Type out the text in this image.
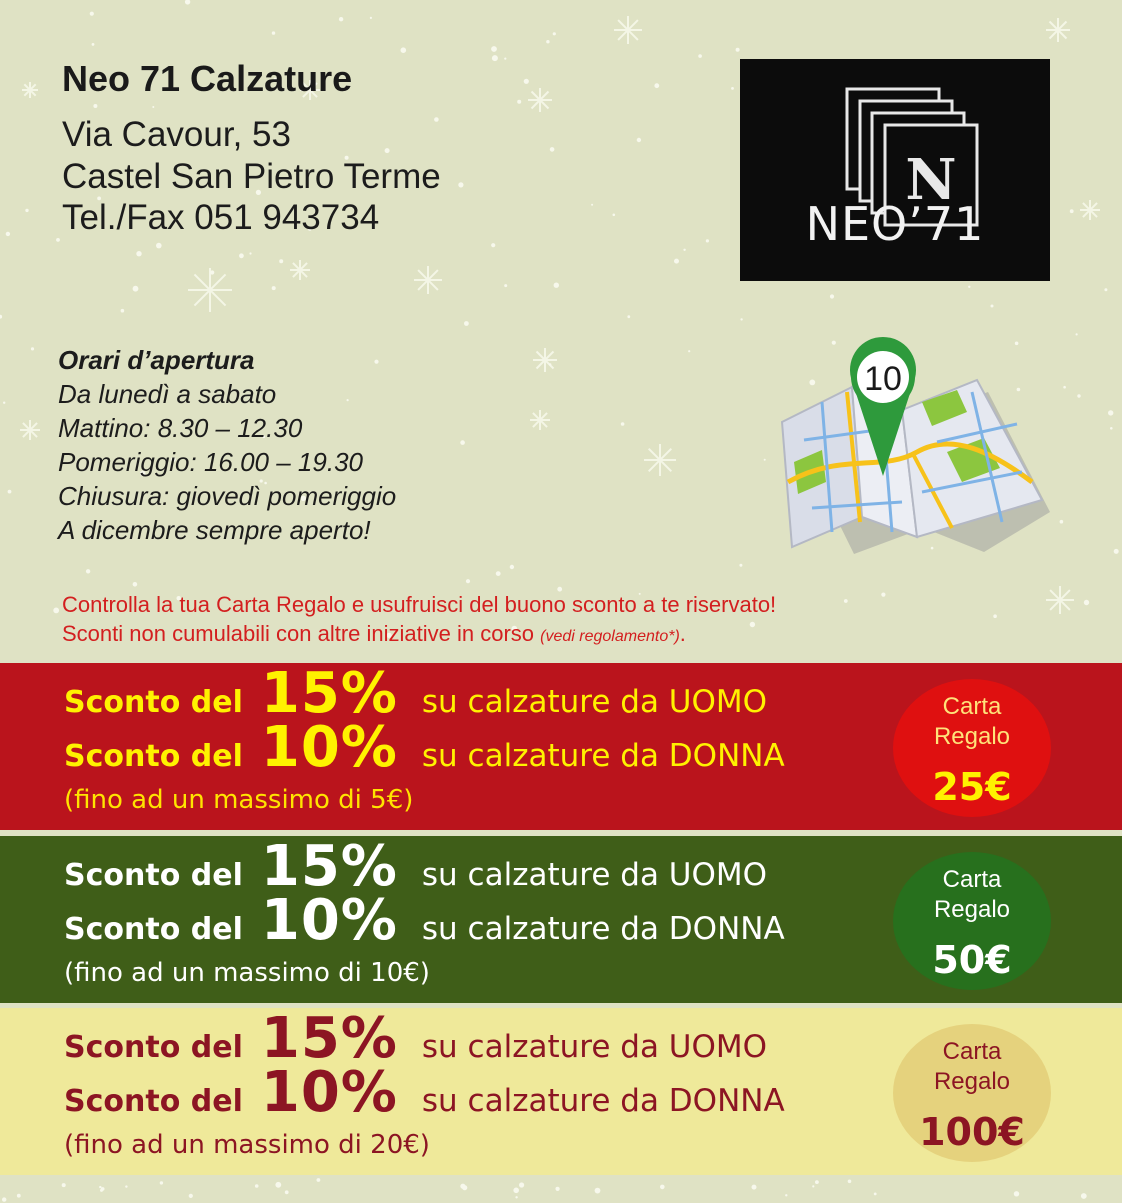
Neo 71 Calzature
Via Cavour, 53
Castel San Pietro Terme
Tel./Fax 051 943734
N
NEO’71
Orari d’apertura
Da lunedì a sabato
Mattino: 8.30 – 12.30
Pomeriggio: 16.00 – 19.30
Chiusura: giovedì pomeriggio
A dicembre sempre aperto!
10
Controlla la tua Carta Regalo e usufruisci del buono sconto a te riservato!
Sconti non cumulabili con altre iniziative in corso (vedi regolamento*).
Sconto del 15% su calzature da UOMO
Sconto del 10% su calzature da DONNA
(fino ad un massimo di 5€)
Carta
Regalo
25€
Sconto del 15% su calzature da UOMO
Sconto del 10% su calzature da DONNA
(fino ad un massimo di 10€)
Carta
Regalo
50€
Sconto del 15% su calzature da UOMO
Sconto del 10% su calzature da DONNA
(fino ad un massimo di 20€)
Carta
Regalo
100€
